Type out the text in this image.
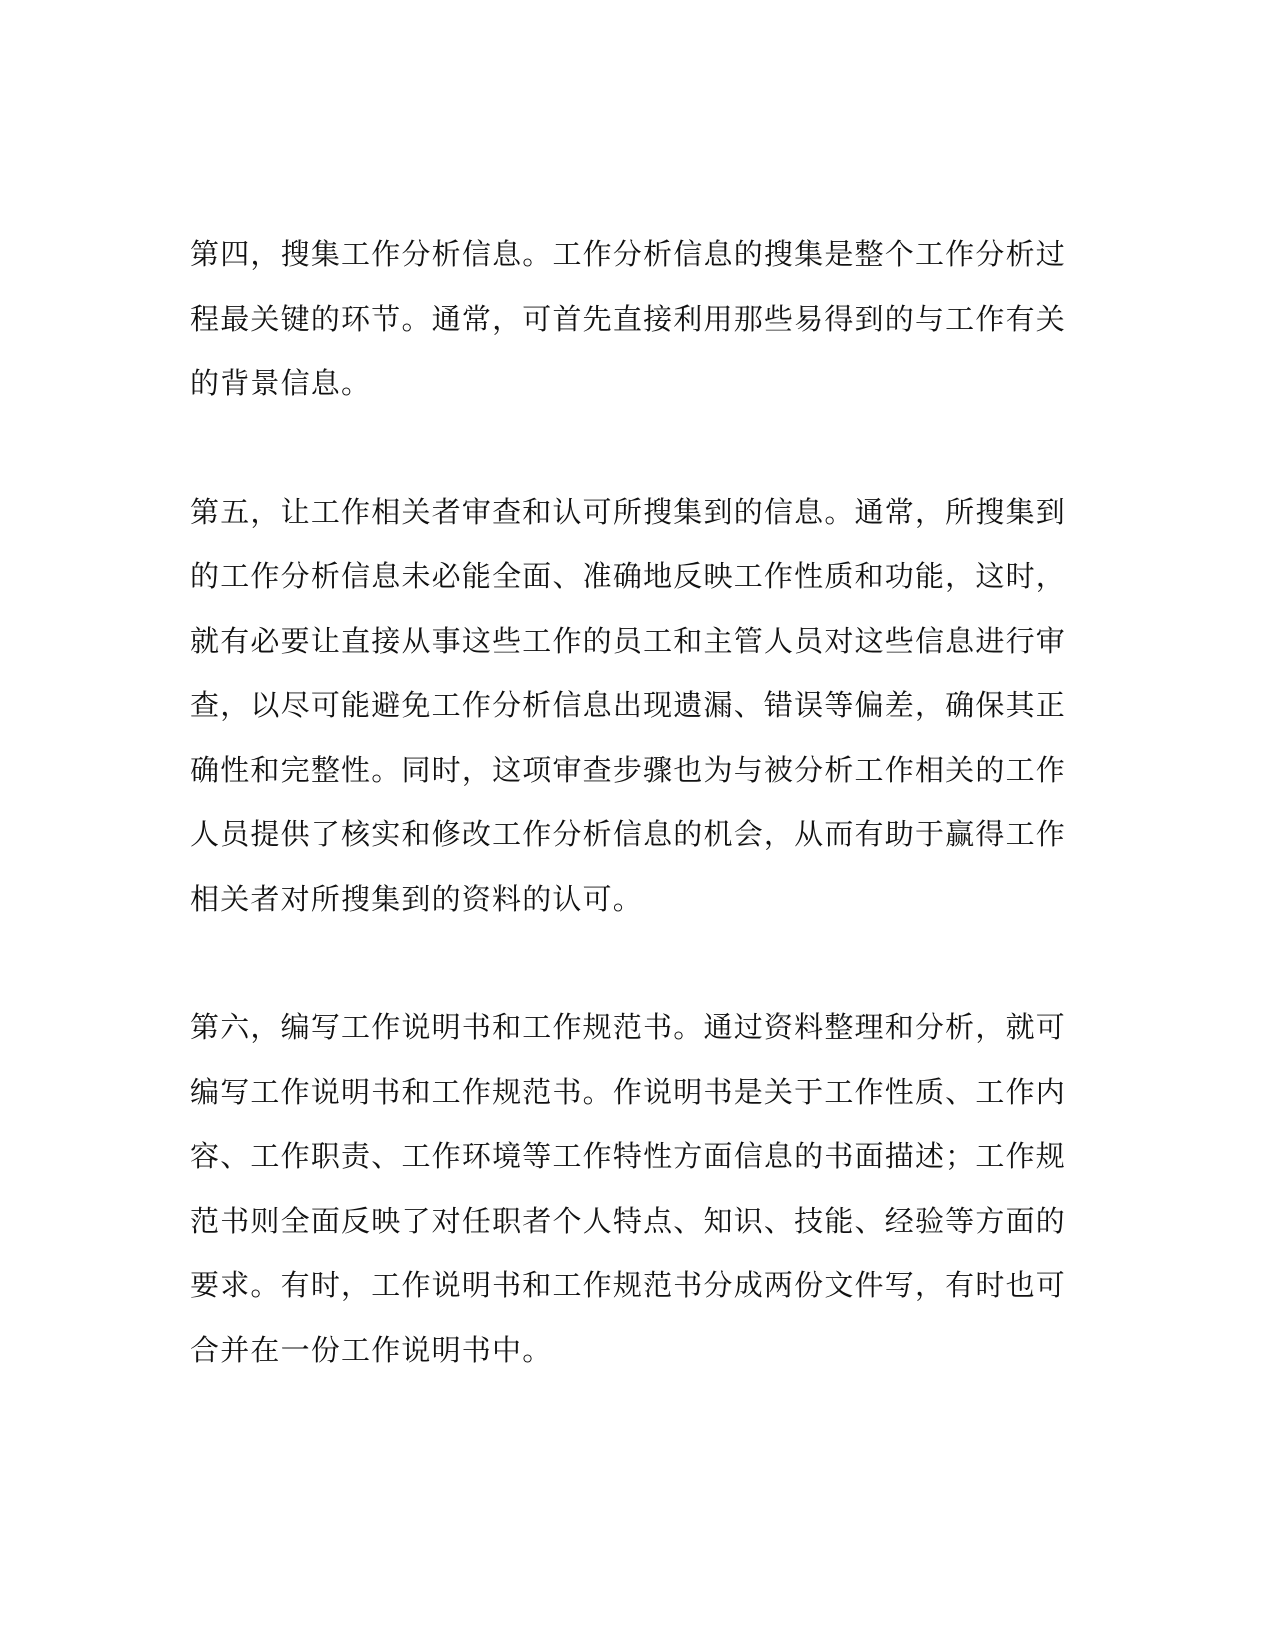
第四，搜集工作分析信息。工作分析信息的搜集是整个工作分析过程最关键的环节。通常，可首先直接利用那些易得到的与工作有关的背景信息。

第五，让工作相关者审查和认可所搜集到的信息。通常，所搜集到的工作分析信息未必能全面、准确地反映工作性质和功能，这时，就有必要让直接从事这些工作的员工和主管人员对这些信息进行审查，以尽可能避免工作分析信息出现遗漏、错误等偏差，确保其正确性和完整性。同时，这项审查步骤也为与被分析工作相关的工作人员提供了核实和修改工作分析信息的机会，从而有助于赢得工作相关者对所搜集到的资料的认可。

第六，编写工作说明书和工作规范书。通过资料整理和分析，就可编写工作说明书和工作规范书。作说明书是关于工作性质、工作内容、工作职责、工作环境等工作特性方面信息的书面描述；工作规范书则全面反映了对任职者个人特点、知识、技能、经验等方面的要求。有时，工作说明书和工作规范书分成两份文件写，有时也可合并在一份工作说明书中。
